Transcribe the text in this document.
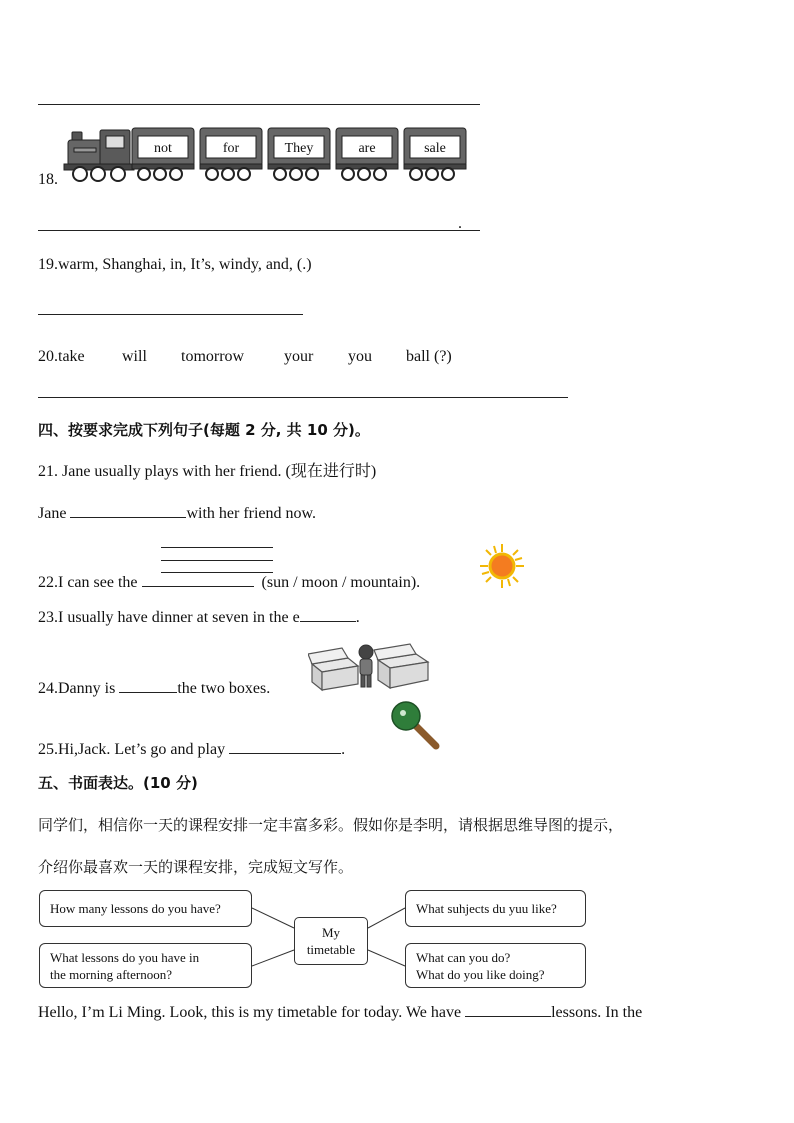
18.
not	for	They	are	sale
.
19.warm, Shanghai, in, It’s, windy, and, (.)
20.take will tomorrow your you ball (?)
四、按要求完成下列句子(每题 2 分, 共 10 分)。
21. Jane usually plays with her friend. (现在进行时)
Jane	with her friend now.
22.I can see the	(sun / moon / mountain).
23.I usually have dinner at seven in the e	.
24.Danny is	the two boxes.
25.Hi,Jack. Let’s go and play	.
五、书面表达。(10 分)
同学们，相信你一天的课程安排一定丰富多彩。假如你是李明，请根据思维导图的提示，
介绍你最喜欢一天的课程安排，完成短文写作。
How many lessons do you have?
What lessons do you have in
the morning afternoon?
My
timetable
What suhjects du yuu like?
What can you do?
What do you like doing?
Hello, I’m Li Ming. Look, this is my timetable for today. We have	lessons. In the
